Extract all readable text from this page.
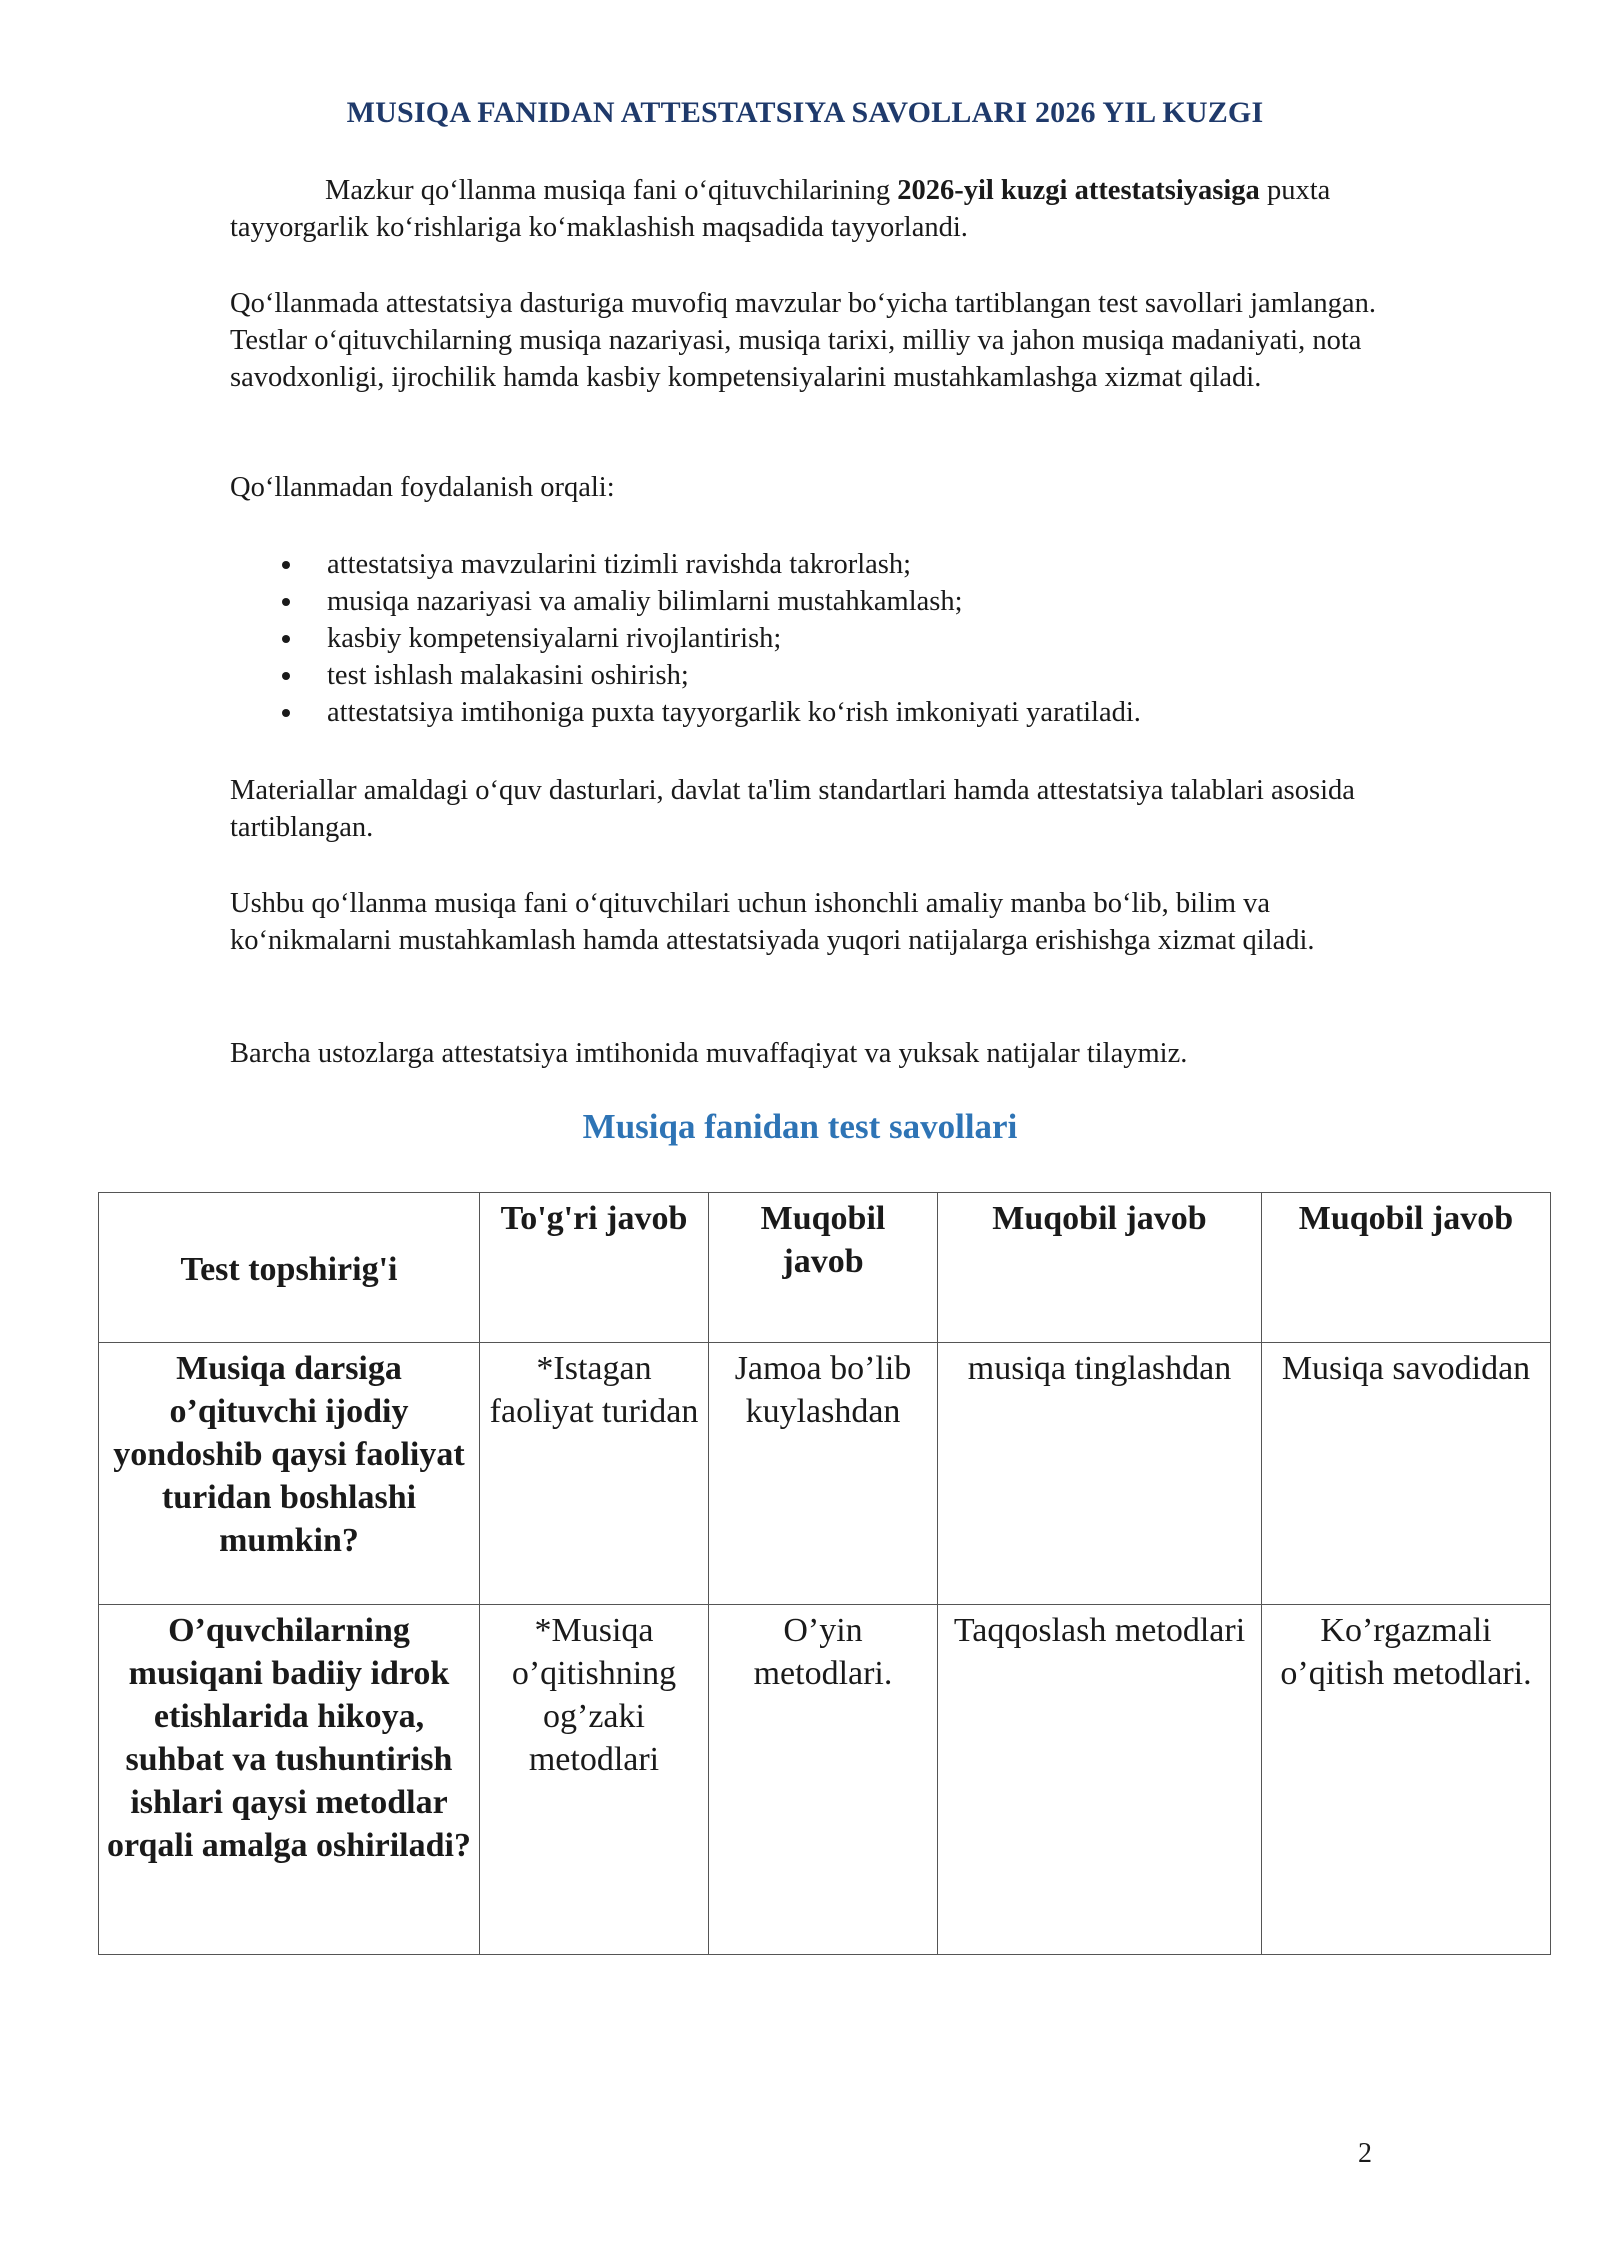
MUSIQA FANIDAN ATTESTATSIYA SAVOLLARI 2026 YIL KUZGI
Mazkur qo‘llanma musiqa fani o‘qituvchilarining 2026-yil kuzgi attestatsiyasiga puxta tayyorgarlik ko‘rishlariga ko‘maklashish maqsadida tayyorlandi.
Qo‘llanmada attestatsiya dasturiga muvofiq mavzular bo‘yicha tartiblangan test savollari jamlangan. Testlar o‘qituvchilarning musiqa nazariyasi, musiqa tarixi, milliy va jahon musiqa madaniyati, nota savodxonligi, ijrochilik hamda kasbiy kompetensiyalarini mustahkamlashga xizmat qiladi.
Qo‘llanmadan foydalanish orqali:
attestatsiya mavzularini tizimli ravishda takrorlash;
musiqa nazariyasi va amaliy bilimlarni mustahkamlash;
kasbiy kompetensiyalarni rivojlantirish;
test ishlash malakasini oshirish;
attestatsiya imtihoniga puxta tayyorgarlik ko‘rish imkoniyati yaratiladi.
Materiallar amaldagi o‘quv dasturlari, davlat ta'lim standartlari hamda attestatsiya talablari asosida tartiblangan.
Ushbu qo‘llanma musiqa fani o‘qituvchilari uchun ishonchli amaliy manba bo‘lib, bilim va ko‘nikmalarni mustahkamlash hamda attestatsiyada yuqori natijalarga erishishga xizmat qiladi.
Barcha ustozlarga attestatsiya imtihonida muvaffaqiyat va yuksak natijalar tilaymiz.
Musiqa fanidan test savollari
Test topshirig'i	To'g'ri javob	Muqobil javob	Muqobil javob	Muqobil javob
Musiqa darsiga o’qituvchi ijodiy yondoshib qaysi faoliyat turidan boshlashi mumkin?	*Istagan faoliyat turidan	Jamoa bo’lib kuylashdan	musiqa tinglashdan	Musiqa savodidan
O’quvchilarning musiqani badiiy idrok etishlarida hikoya, suhbat va tushuntirish ishlari qaysi metodlar orqali amalga oshiriladi?	*Musiqa o’qitishning og’zaki metodlari	O’yin metodlari.	Taqqoslash metodlari	Ko’rgazmali o’qitish metodlari.
2
